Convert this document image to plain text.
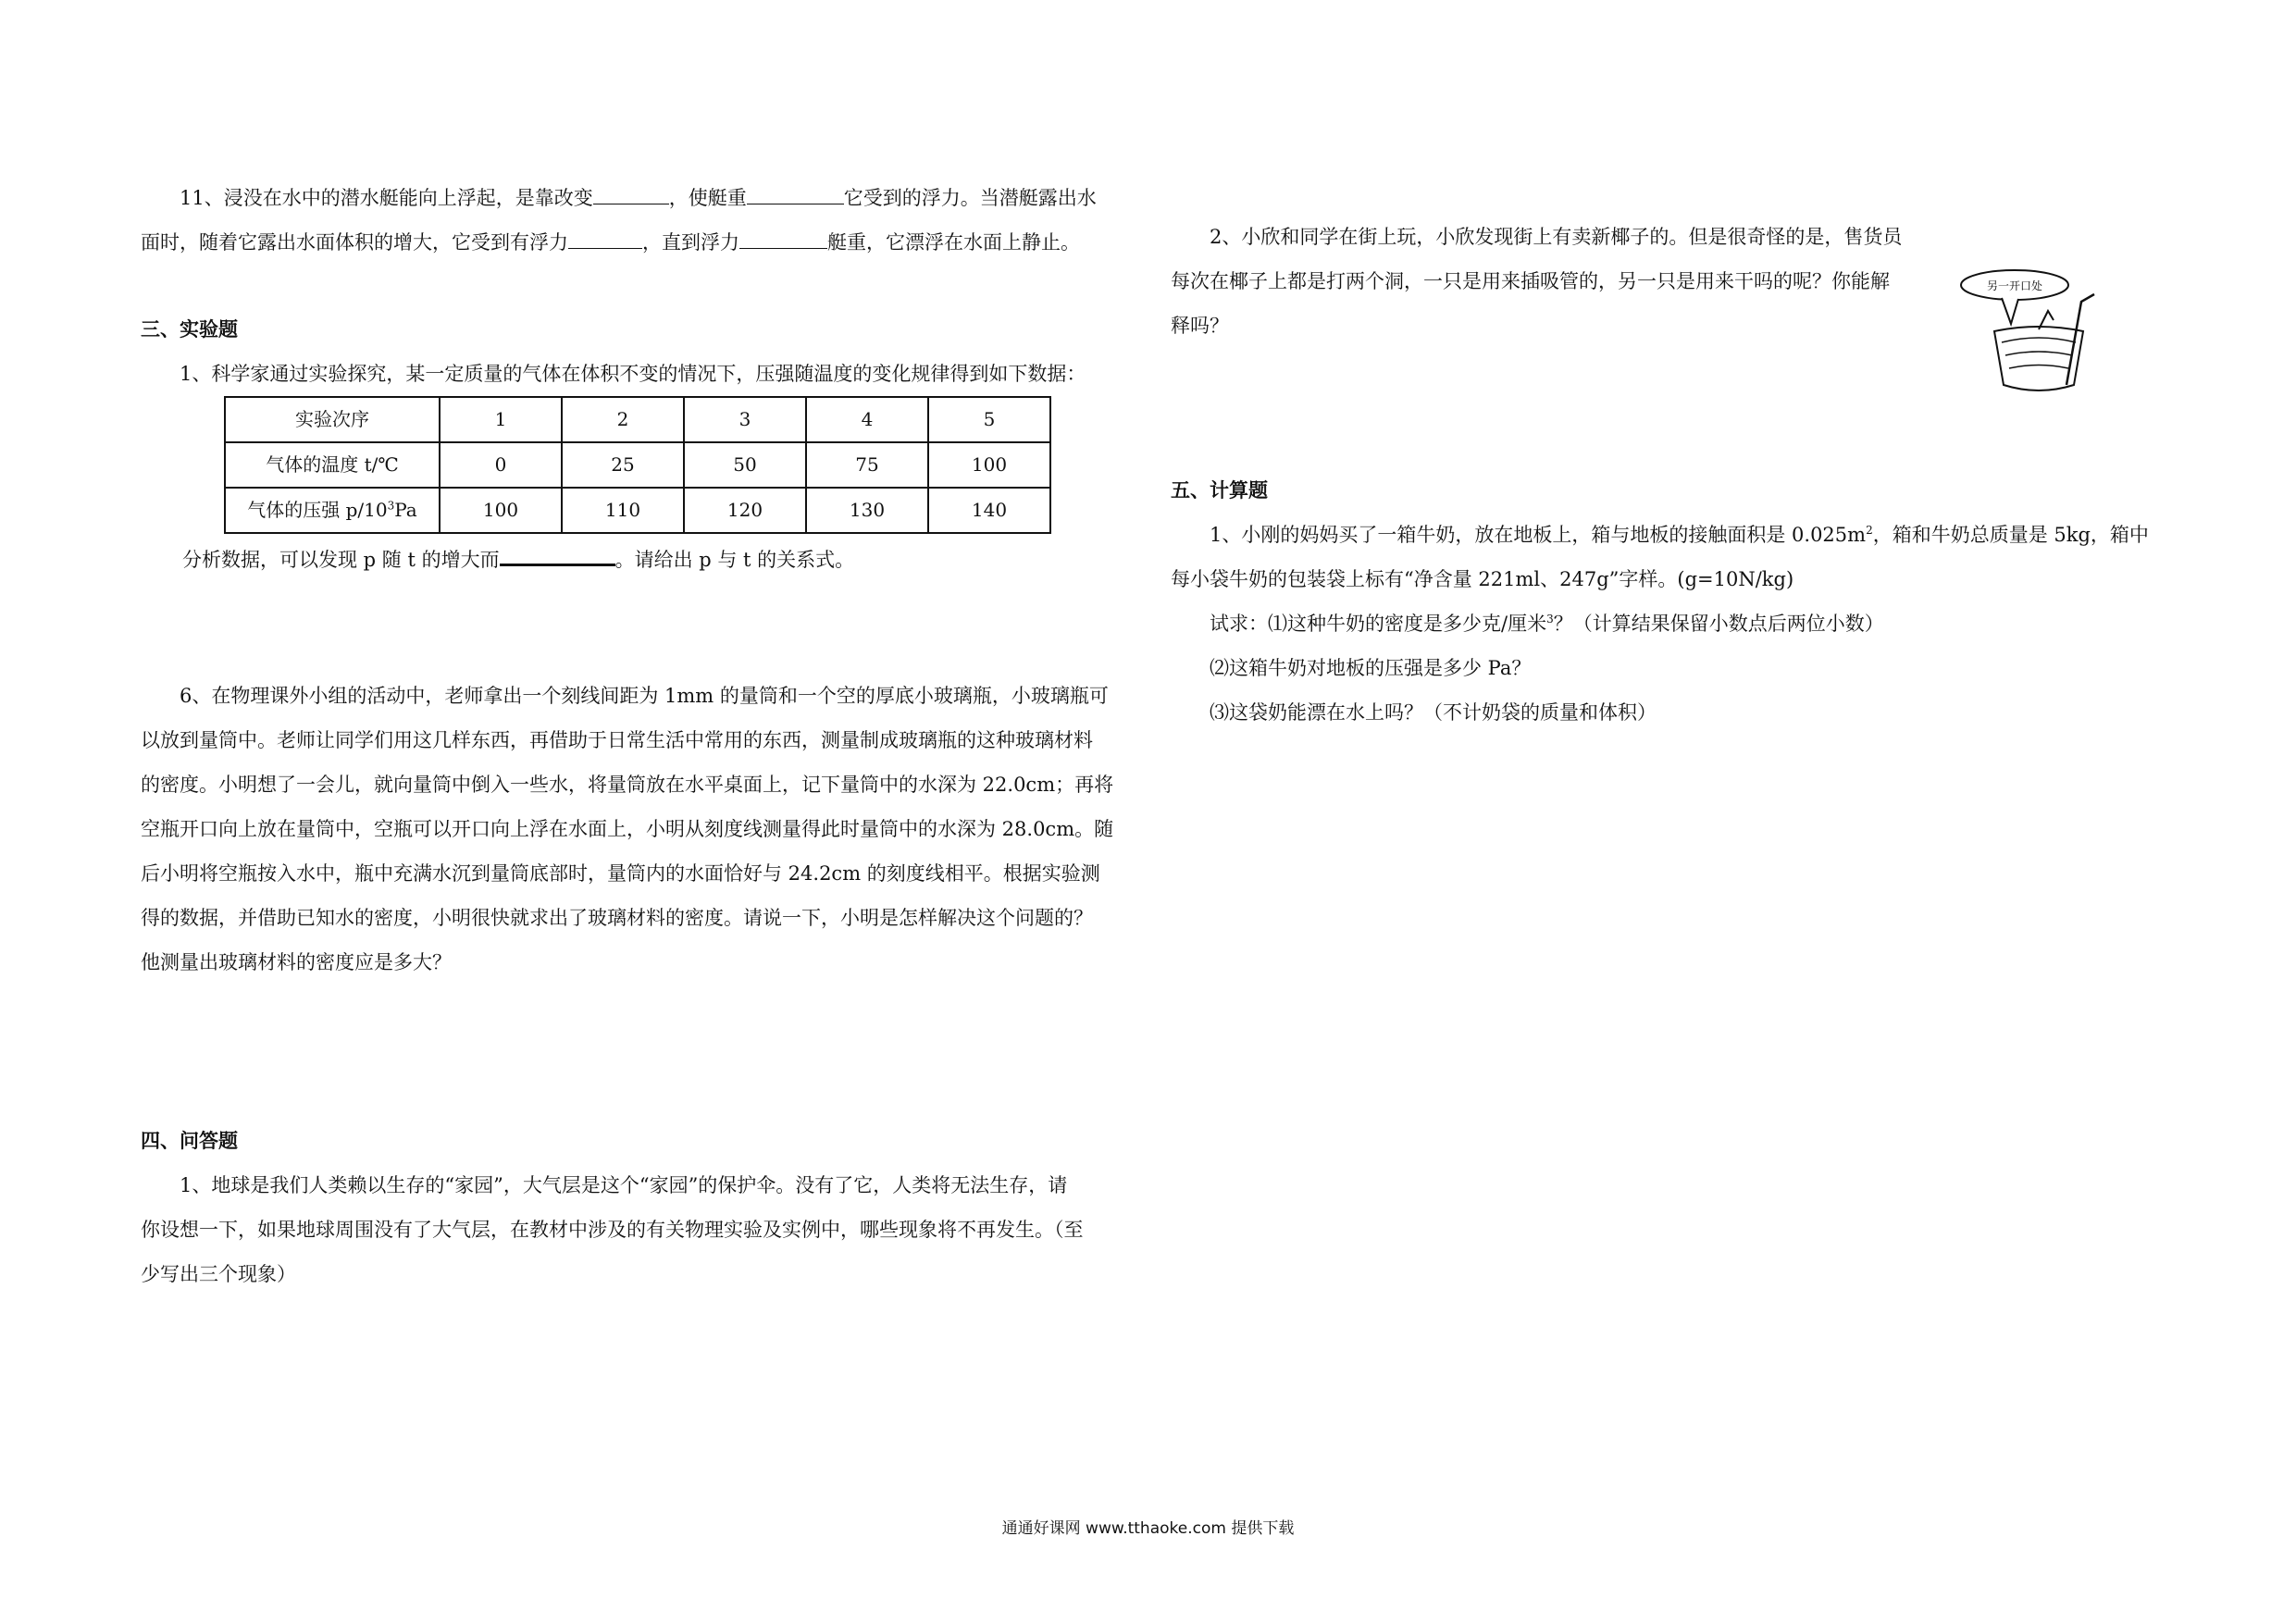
11、浸没在水中的潜水艇能向上浮起，是靠改变	，使艇重	它受到的浮力。当潜艇露出水

面时，随着它露出水面体积的增大，它受到有浮力	，直到浮力	艇重，它漂浮在水面上静止。

三、实验题

1、科学家通过实验探究，某一定质量的气体在体积不变的情况下，压强随温度的变化规律得到如下数据：

实验次序	1	2	3	4	5
气体的温度 t/℃	0	25	50	75	100
气体的压强 $p/10^3Pa$	100	110	120	130	140

分析数据，可以发现 p 随 t 的增大而	。请给出 p 与 t 的关系式。

6、在物理课外小组的活动中，老师拿出一个刻线间距为 1mm 的量筒和一个空的厚底小玻璃瓶，小玻璃瓶可

以放到量筒中。老师让同学们用这几样东西，再借助于日常生活中常用的东西，测量制成玻璃瓶的这种玻璃材料

的密度。小明想了一会儿，就向量筒中倒入一些水，将量筒放在水平桌面上，记下量筒中的水深为 22.0cm；再将

空瓶开口向上放在量筒中，空瓶可以开口向上浮在水面上，小明从刻度线测量得此时量筒中的水深为 28.0cm。随

后小明将空瓶按入水中，瓶中充满水沉到量筒底部时，量筒内的水面恰好与 24.2cm 的刻度线相平。根据实验测

得的数据，并借助已知水的密度，小明很快就求出了玻璃材料的密度。请说一下，小明是怎样解决这个问题的？

他测量出玻璃材料的密度应是多大？

四、问答题

1、地球是我们人类赖以生存的“家园”，大气层是这个“家园”的保护伞。没有了它，人类将无法生存，请

你设想一下，如果地球周围没有了大气层，在教材中涉及的有关物理实验及实例中，哪些现象将不再发生。（至

少写出三个现象）

2、小欣和同学在街上玩，小欣发现街上有卖新椰子的。但是很奇怪的是，售货员

每次在椰子上都是打两个洞，一只是用来插吸管的，另一只是用来干吗的呢？你能解

释吗？

五、计算题

1、小刚的妈妈买了一箱牛奶，放在地板上，箱与地板的接触面积是 $0.025m^2$，箱和牛奶总质量是 5kg，箱中

每小袋牛奶的包装袋上标有“净含量 221ml、247g”字样。(g=10N/kg)

试求：⑴这种牛奶的密度是多少克/厘米$^3$？（计算结果保留小数点后两位小数）

⑵这箱牛奶对地板的压强是多少 Pa？

⑶这袋奶能漂在水上吗？（不计奶袋的质量和体积）

另一开口处
通通好课网 www.tthaoke.com 提供下载
